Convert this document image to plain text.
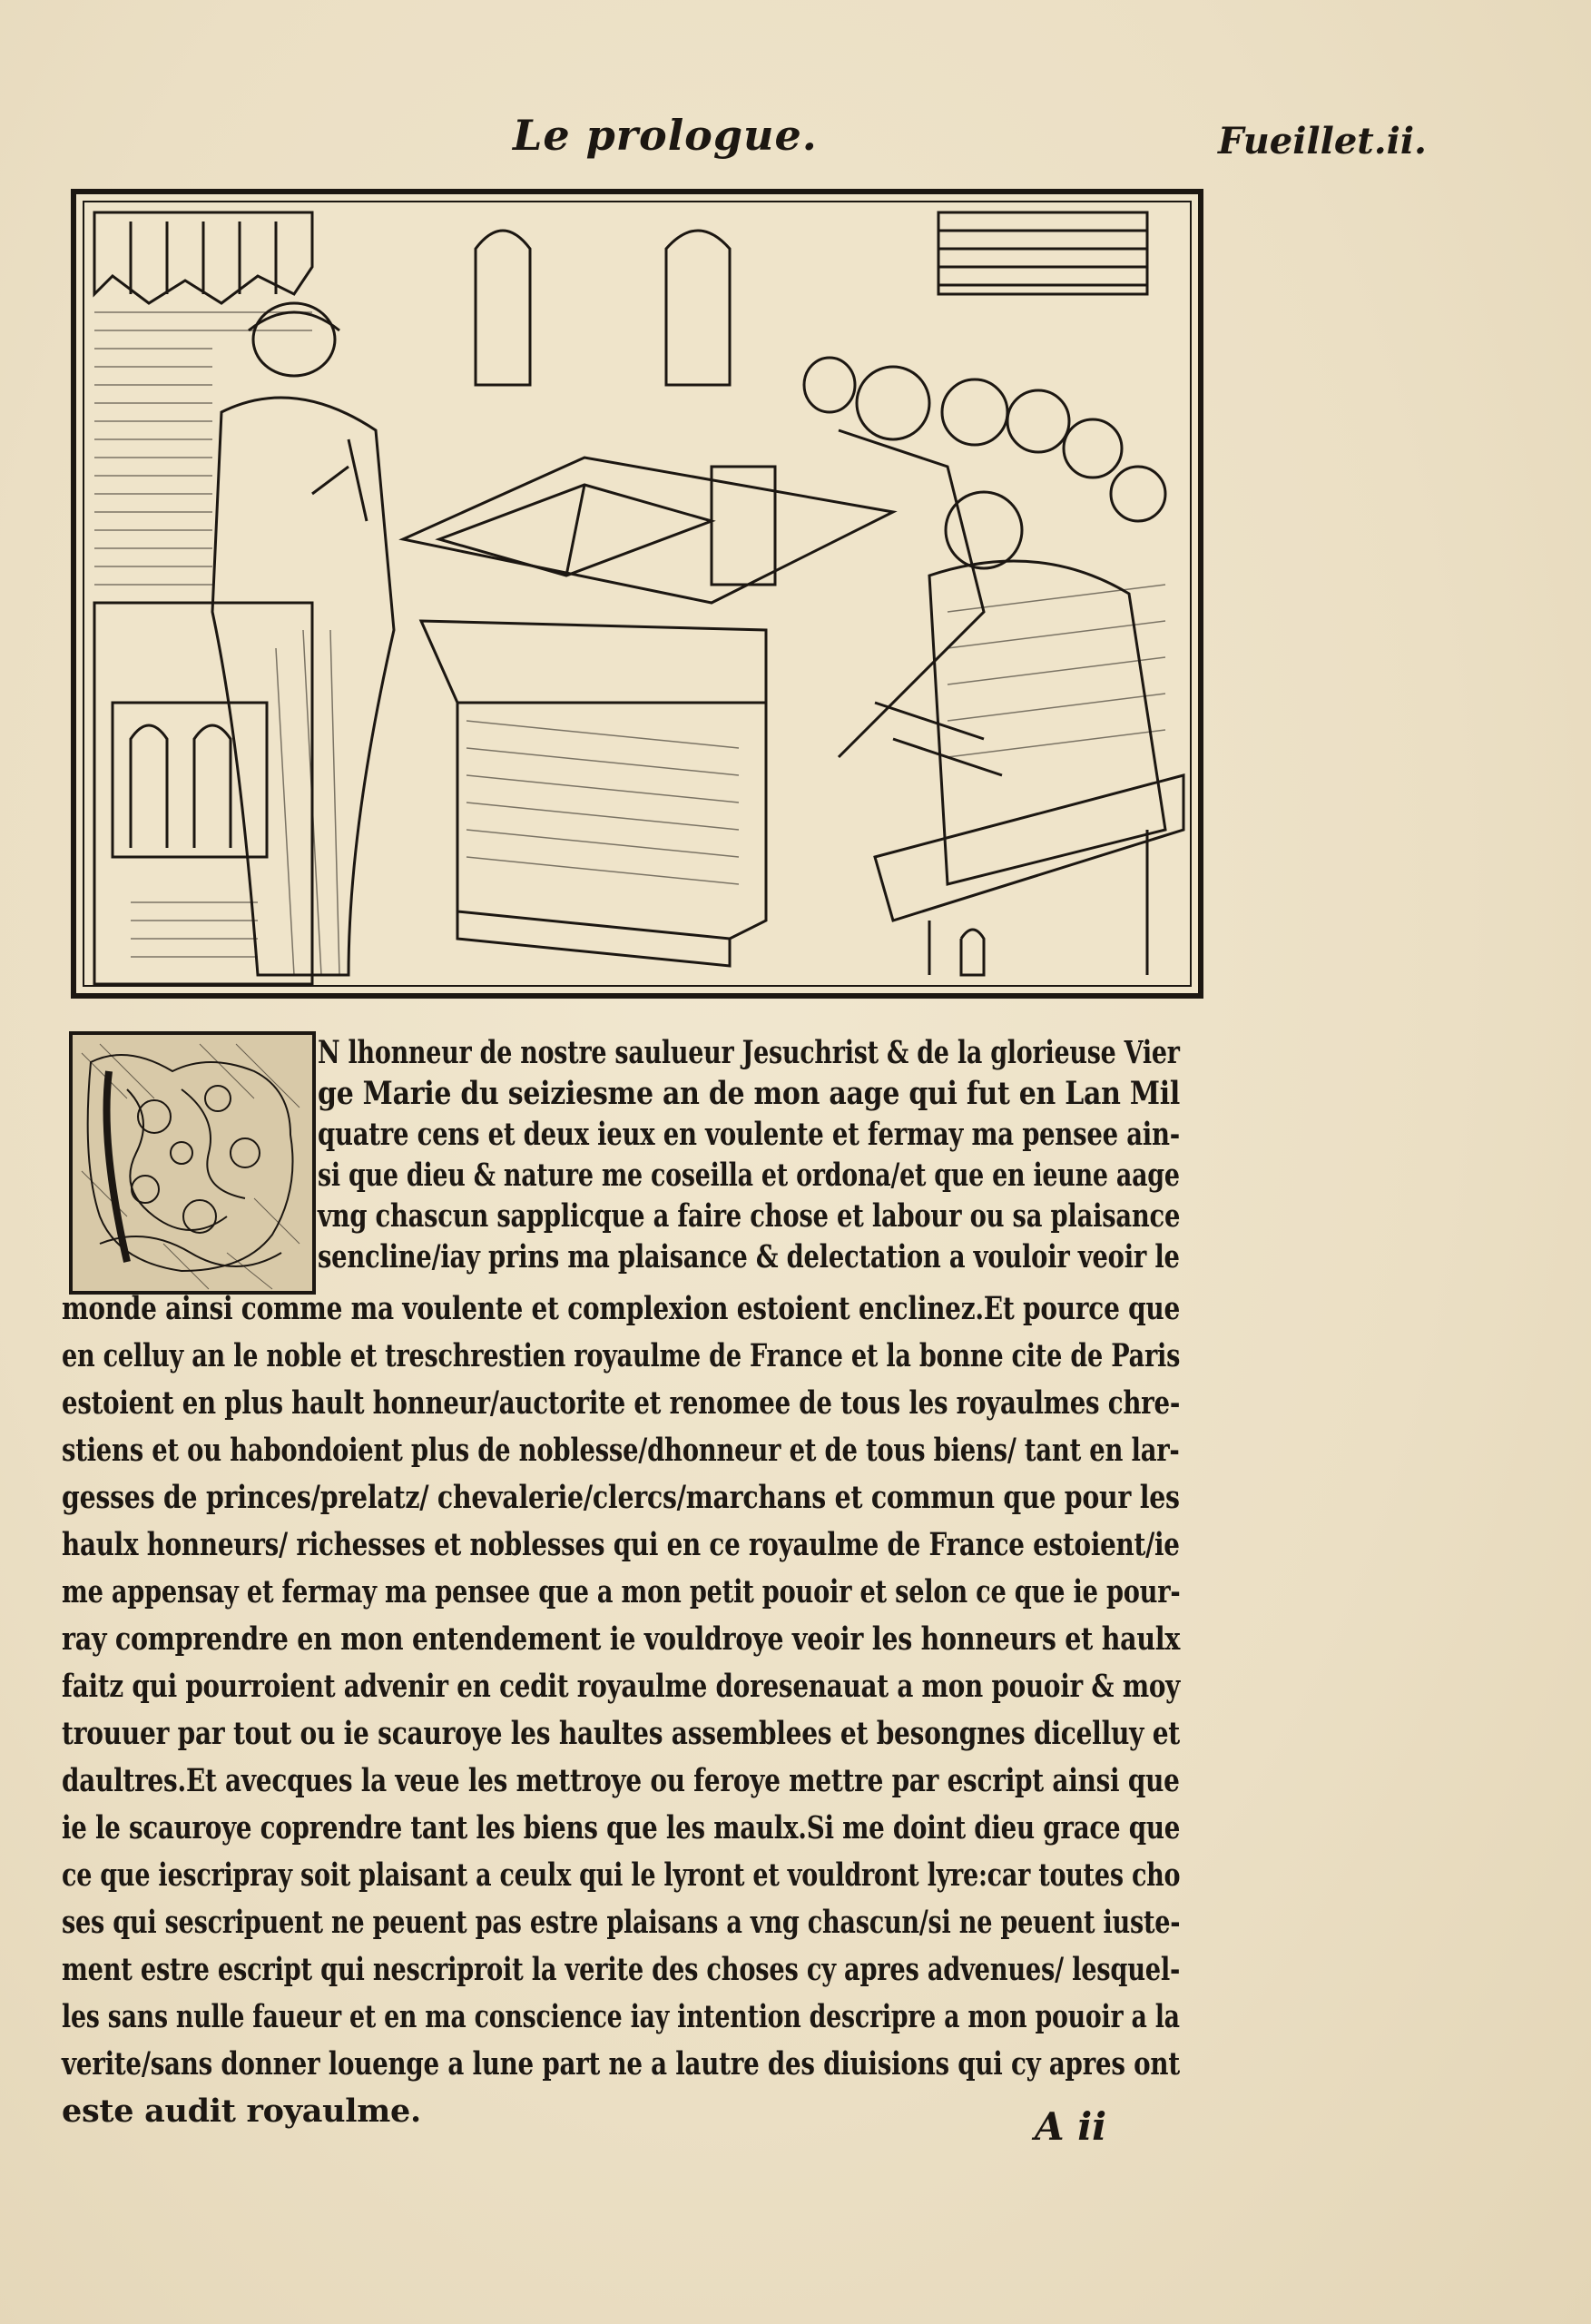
Le prologue.	Fueillet.ii.
N lhonneur de nostre saulueur Jesuchrist & de la glorieuse Vier
ge Marie du seiziesme an de mon aage qui fut en Lan Mil
quatre cens et deux ieux en voulente et fermay ma pensee ain-
si que dieu & nature me coseilla et ordona/et que en ieune aage
vng chascun sapplicque a faire chose et labour ou sa plaisance
sencline/iay prins ma plaisance & delectation a vouloir veoir le
monde ainsi comme ma voulente et complexion estoient enclinez.Et pource que
en celluy an le noble et treschrestien royaulme de France et la bonne cite de Paris
estoient en plus hault honneur/auctorite et renomee de tous les royaulmes chre-
stiens et ou habondoient plus de noblesse/dhonneur et de tous biens/ tant en lar-
gesses de princes/prelatz/ chevalerie/clercs/marchans et commun que pour les
haulx honneurs/ richesses et noblesses qui en ce royaulme de France estoient/ie
me appensay et fermay ma pensee que a mon petit pouoir et selon ce que ie pour-
ray comprendre en mon entendement ie vouldroye veoir les honneurs et haulx
faitz qui pourroient advenir en cedit royaulme doresenauat a mon pouoir & moy
trouuer par tout ou ie scauroye les haultes assemblees et besongnes dicelluy et
daultres.Et avecques la veue les mettroye ou feroye mettre par escript ainsi que
ie le scauroye coprendre tant les biens que les maulx.Si me doint dieu grace que
ce que iescripray soit plaisant a ceulx qui le lyront et vouldront lyre:car toutes cho
ses qui sescripuent ne peuent pas estre plaisans a vng chascun/si ne peuent iuste-
ment estre escript qui nescriproit la verite des choses cy apres advenues/ lesquel-
les sans nulle faueur et en ma conscience iay intention descripre a mon pouoir a la
verite/sans donner louenge a lune part ne a lautre des diuisions qui cy apres ont
este audit royaulme.	A ii
